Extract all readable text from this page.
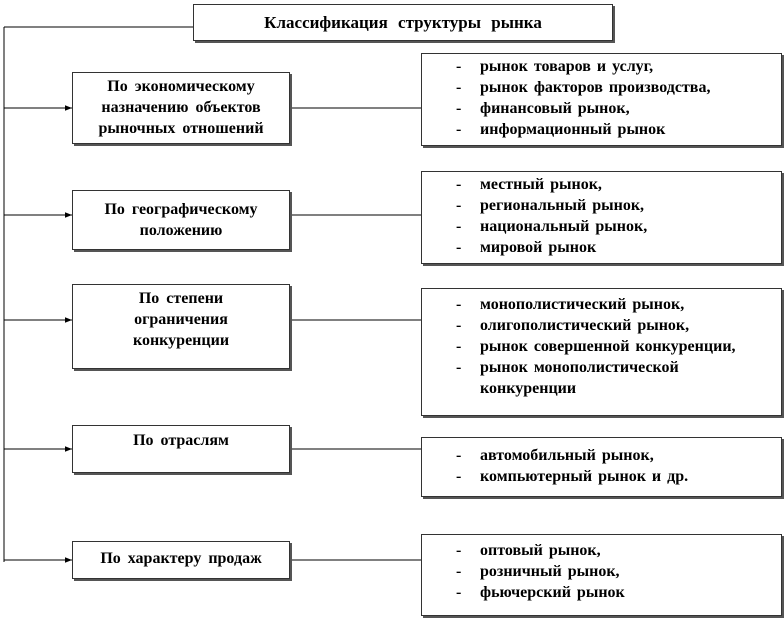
Классификация структуры рынка
По экономическому
назначению объектов
рыночных отношений
- рынок товаров и услуг,
- рынок факторов производства,
- финансовый рынок,
- информационный рынок
По географическому
положению
- местный рынок,
- региональный рынок,
- национальный рынок,
- мировой рынок
По степени
ограничения
конкуренции
- монополистический рынок,
- олигополистический рынок,
- рынок совершенной конкуренции,
- рынок монополистической
конкуренции
По отраслям
- автомобильный рынок,
- компьютерный рынок и др.
По характеру продаж
-	оптовый рынок,
- розничный рынок,
- фьючерский рынок
